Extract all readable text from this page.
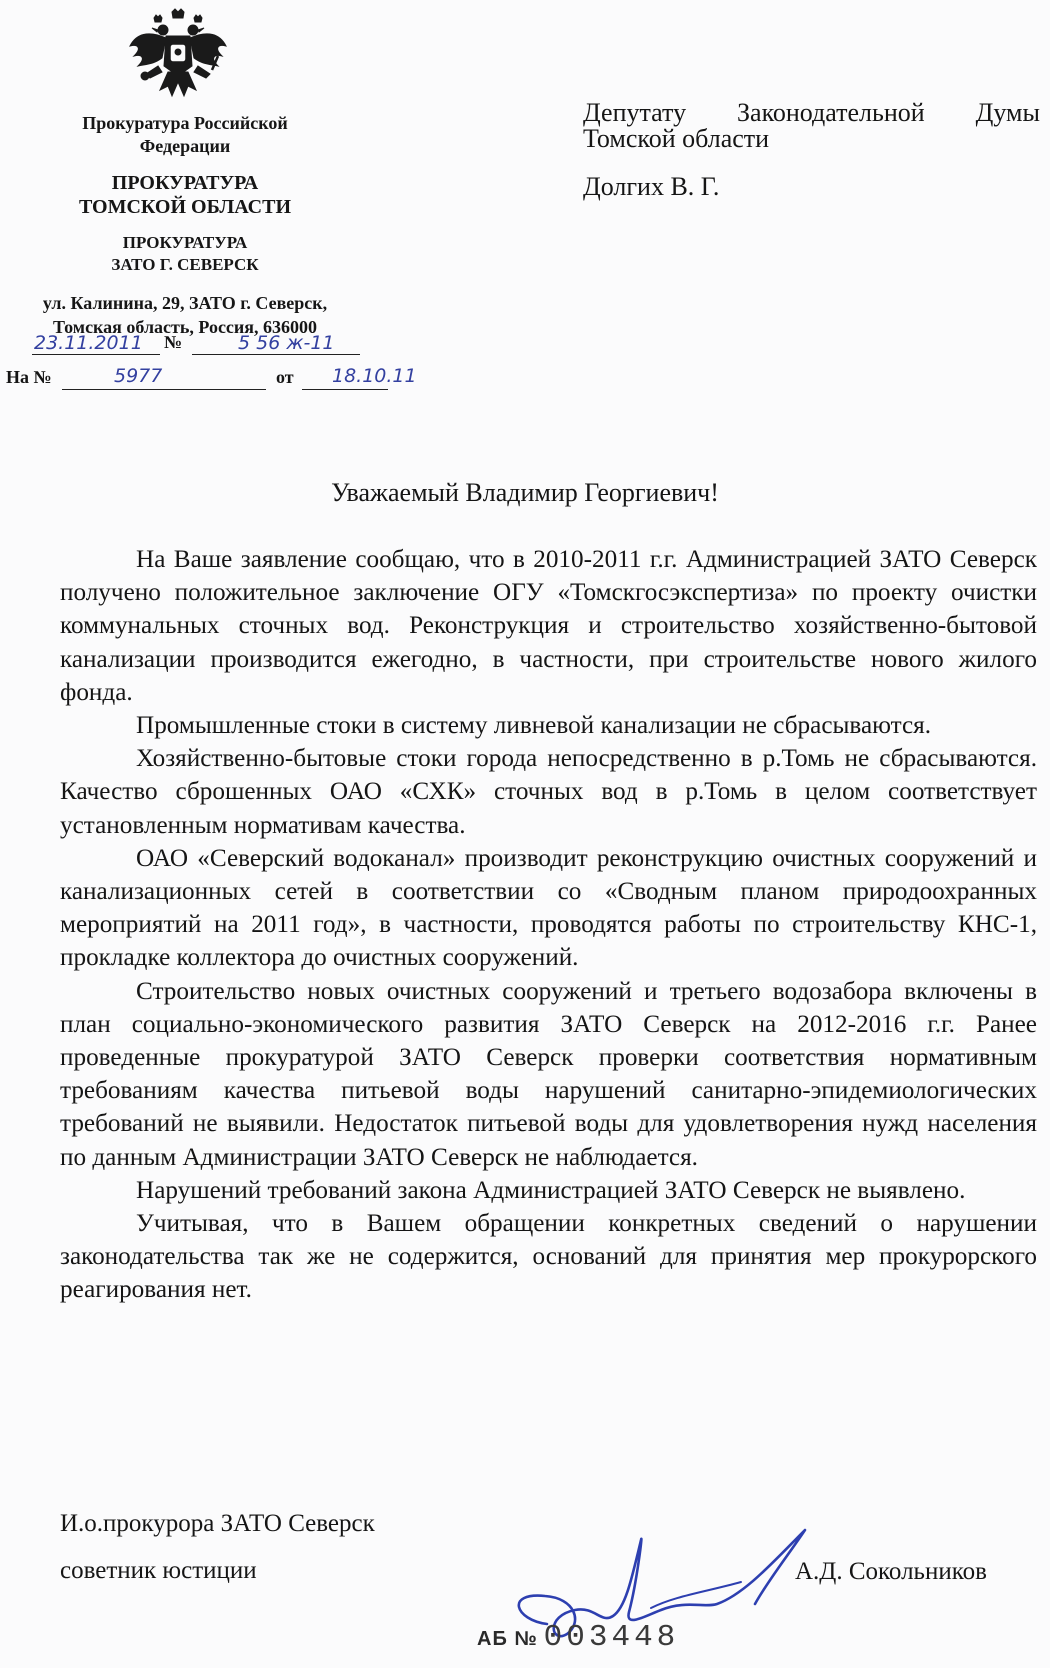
Прокуратура Российской
Федерации
ПРОКУРАТУРА
ТОМСКОЙ ОБЛАСТИ
ПРОКУРАТУРА
ЗАТО Г. СЕВЕРСК
ул. Калинина, 29, ЗАТО г. Северск,
Томская область, Россия, 636000
23.11.2011 №	5 56 ж-11
На №	5977	от 18.10.11
Депутату Законодательной Думы
Томской области
Долгих В. Г.
Уважаемый Владимир Георгиевич!

На Ваше заявление сообщаю, что в 2010-2011 г.г. Администрацией ЗАТО Северск получено положительное заключение ОГУ «Томскгосэкспертиза» по проекту очистки коммунальных сточных вод. Реконструкция и строительство хозяйственно-бытовой канализации производится ежегодно, в частности, при строительстве нового жилого фонда.

Промышленные стоки в систему ливневой канализации не сбрасываются.

Хозяйственно-бытовые стоки города непосредственно в р.Томь не сбрасываются. Качество сброшенных ОАО «СХК» сточных вод в р.Томь в целом соответствует установленным нормативам качества.

ОАО «Северский водоканал» производит реконструкцию очистных сооружений и канализационных сетей в соответствии со «Сводным планом природоохранных мероприятий на 2011 год», в частности, проводятся работы по строительству КНС-1, прокладке коллектора до очистных сооружений.

Строительство новых очистных сооружений и третьего водозабора включены в план социально-экономического развития ЗАТО Северск на 2012-2016 г.г. Ранее проведенные прокуратурой ЗАТО Северск проверки соответствия нормативным требованиям качества питьевой воды нарушений санитарно-эпидемиологических требований не выявили. Недостаток питьевой воды для удовлетворения нужд населения по данным Администрации ЗАТО Северск не наблюдается.

Нарушений требований закона Администрацией ЗАТО Северск не выявлено.

Учитывая, что в Вашем обращении конкретных сведений о нарушении законодательства так же не содержится, оснований для принятия мер прокурорского реагирования нет.

И.о.прокурора ЗАТО Северск
советник юстиции	А.Д. Сокольников
АБ № 003448
